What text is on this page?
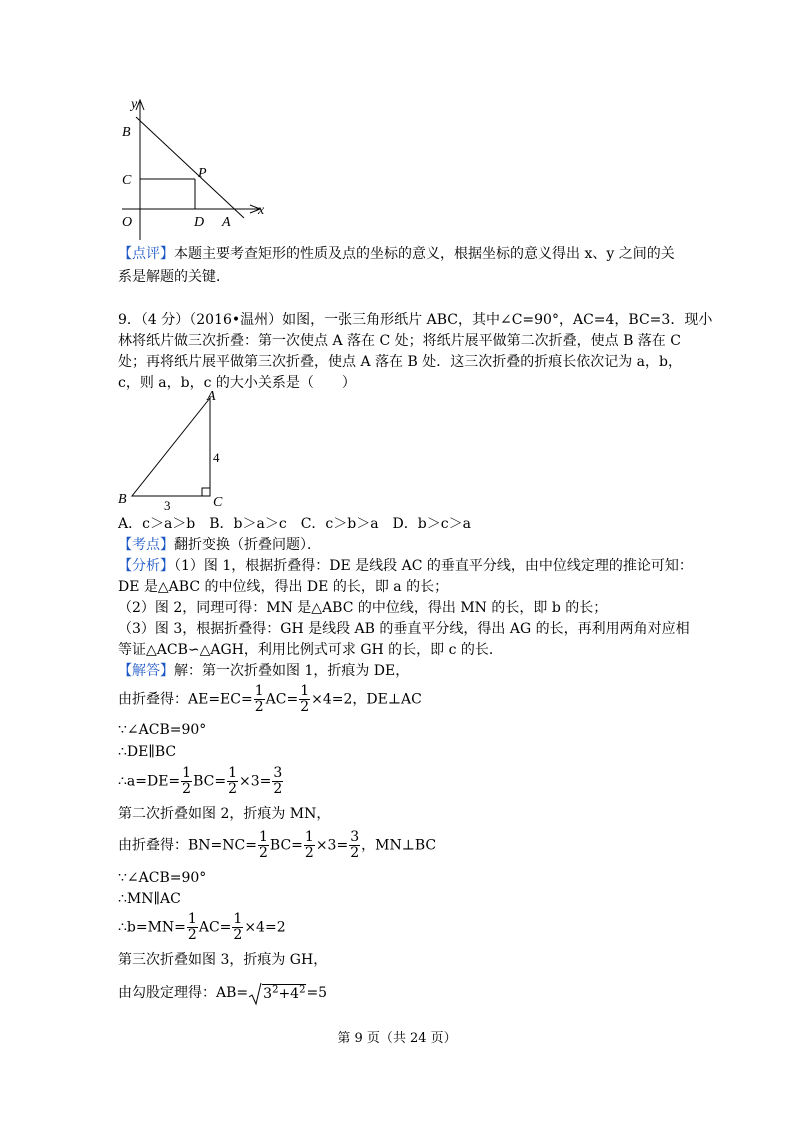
y
x
B
C	P
O	D A
【点评】本题主要考查矩形的性质及点的坐标的意义，根据坐标的意义得出 x、y 之间的关
系是解题的关键．
9．（4 分）（2016•温州）如图，一张三角形纸片 ABC，其中∠C=90°，AC=4，BC=3．现小
林将纸片做三次折叠：第一次使点 A 落在 C 处；将纸片展平做第二次折叠，使点 B 落在 C
处；再将纸片展平做第三次折叠，使点 A 落在 B 处．这三次折叠的折痕长依次记为 a，b，
c，则 a，b，c 的大小关系是（　　）
A
B	C
4
3
A．c＞a＞b　B．b＞a＞c　C．c＞b＞a　D．b＞c＞a
【考点】翻折变换（折叠问题）．
【分析】（1）图 1，根据折叠得：DE 是线段 AC 的垂直平分线，由中位线定理的推论可知：
DE 是△ABC 的中位线，得出 DE 的长，即 a 的长；
（2）图 2，同理可得：MN 是△ABC 的中位线，得出 MN 的长，即 b 的长；
（3）图 3，根据折叠得：GH 是线段 AB 的垂直平分线，得出 AG 的长，再利用两角对应相
等证△ACB∽△AGH，利用比例式可求 GH 的长，即 c 的长．
【解答】解：第一次折叠如图 1，折痕为 DE，
由折叠得：$AE=EC= \frac{1}{2} AC= \frac{1}{2} \times 4=2$，DE⊥AC
∵∠ACB=90°
∴DE∥BC
∴a=DE= $\frac{1}{2} BC= \frac{1}{2} \times 3= \frac{3}{2}$
第二次折叠如图 2，折痕为 MN，
由折叠得：$BN=NC= \frac{1}{2} BC= \frac{1}{2} \times 3= \frac{3}{2}$ ，MN⊥BC
∵∠ACB=90°
∴MN∥AC
∴b=MN= $\frac{1}{2} AC= \frac{1}{2} \times 4=2$
第三次折叠如图 3，折痕为 GH，
由勾股定理得：$AB= 3^2+4^2=5$
第 9 页（共 24 页）
